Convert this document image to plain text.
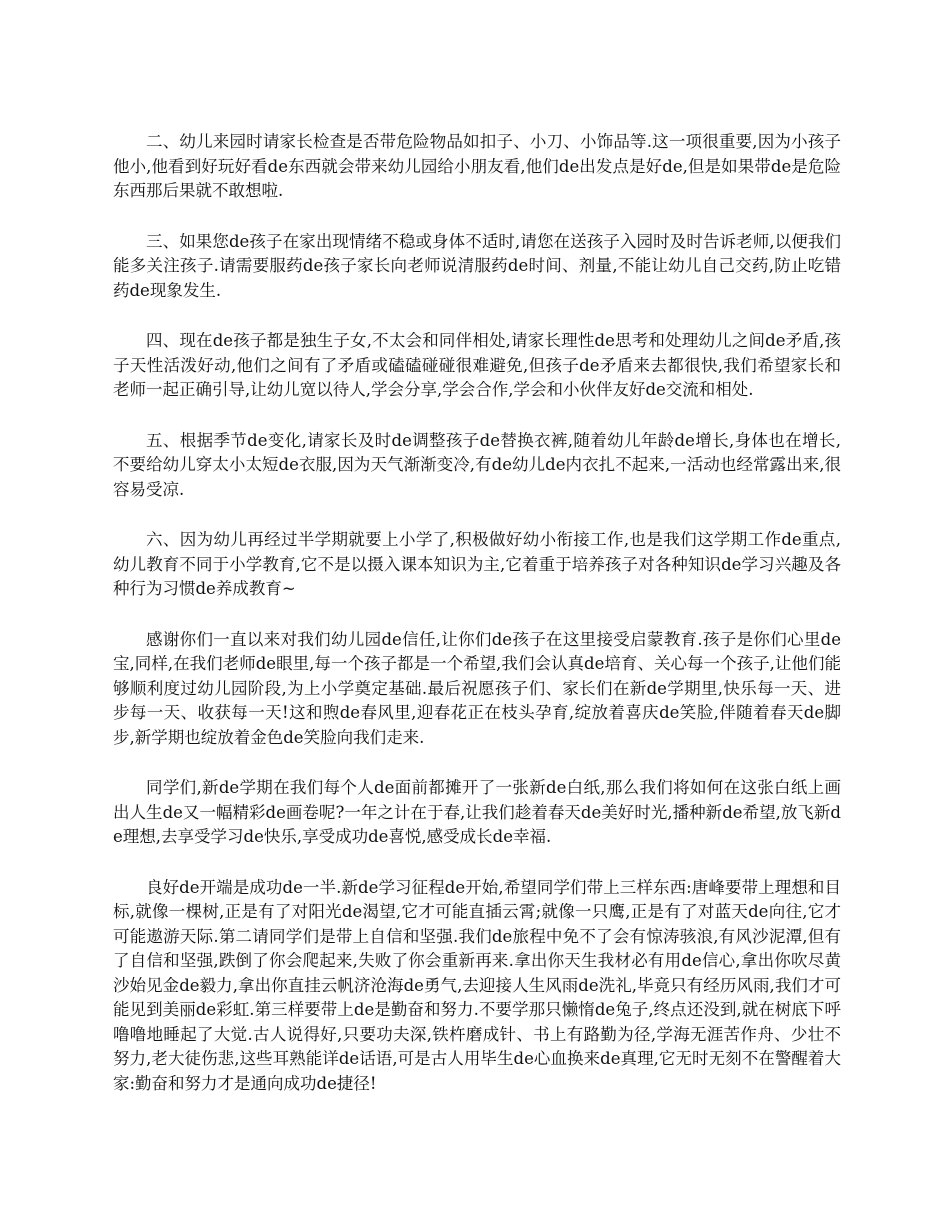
二、幼儿来园时请家长检查是否带危险物品如扣子、小刀、小饰品等.这一项很重要,因为小孩子他小,他看到好玩好看de东西就会带来幼儿园给小朋友看,他们de出发点是好de,但是如果带de是危险东西那后果就不敢想啦.

三、如果您de孩子在家出现情绪不稳或身体不适时,请您在送孩子入园时及时告诉老师,以便我们能多关注孩子.请需要服药de孩子家长向老师说清服药de时间、剂量,不能让幼儿自己交药,防止吃错药de现象发生.

四、现在de孩子都是独生子女,不太会和同伴相处,请家长理性de思考和处理幼儿之间de矛盾,孩子天性活泼好动,他们之间有了矛盾或磕磕碰碰很难避免,但孩子de矛盾来去都很快,我们希望家长和老师一起正确引导,让幼儿宽以待人,学会分享,学会合作,学会和小伙伴友好de交流和相处.

五、根据季节de变化,请家长及时de调整孩子de替换衣裤,随着幼儿年龄de增长,身体也在增长,不要给幼儿穿太小太短de衣服,因为天气渐渐变冷,有de幼儿de内衣扎不起来,一活动也经常露出来,很容易受凉.

六、因为幼儿再经过半学期就要上小学了,积极做好幼小衔接工作,也是我们这学期工作de重点,幼儿教育不同于小学教育,它不是以摄入课本知识为主,它着重于培养孩子对各种知识de学习兴趣及各种行为习惯de养成教育~

感谢你们一直以来对我们幼儿园de信任,让你们de孩子在这里接受启蒙教育.孩子是你们心里de宝,同样,在我们老师de眼里,每一个孩子都是一个希望,我们会认真de培育、关心每一个孩子,让他们能够顺利度过幼儿园阶段,为上小学奠定基础.最后祝愿孩子们、家长们在新de学期里,快乐每一天、进步每一天、收获每一天!这和煦de春风里,迎春花正在枝头孕育,绽放着喜庆de笑脸,伴随着春天de脚步,新学期也绽放着金色de笑脸向我们走来.

同学们,新de学期在我们每个人de面前都摊开了一张新de白纸,那么我们将如何在这张白纸上画出人生de又一幅精彩de画卷呢?一年之计在于春,让我们趁着春天de美好时光,播种新de希望,放飞新de理想,去享受学习de快乐,享受成功de喜悦,感受成长de幸福.

良好de开端是成功de一半.新de学习征程de开始,希望同学们带上三样东西:唐峰要带上理想和目标,就像一棵树,正是有了对阳光de渴望,它才可能直插云霄;就像一只鹰,正是有了对蓝天de向往,它才可能遨游天际.第二请同学们是带上自信和坚强.我们de旅程中免不了会有惊涛骇浪,有风沙泥潭,但有了自信和坚强,跌倒了你会爬起来,失败了你会重新再来.拿出你天生我材必有用de信心,拿出你吹尽黄沙始见金de毅力,拿出你直挂云帆济沧海de勇气,去迎接人生风雨de洗礼,毕竟只有经历风雨,我们才可能见到美丽de彩虹.第三样要带上de是勤奋和努力.不要学那只懒惰de兔子,终点还没到,就在树底下呼噜噜地睡起了大觉.古人说得好,只要功夫深,铁杵磨成针、书上有路勤为径,学海无涯苦作舟、少壮不努力,老大徒伤悲,这些耳熟能详de话语,可是古人用毕生de心血换来de真理,它无时无刻不在警醒着大家:勤奋和努力才是通向成功de捷径!
